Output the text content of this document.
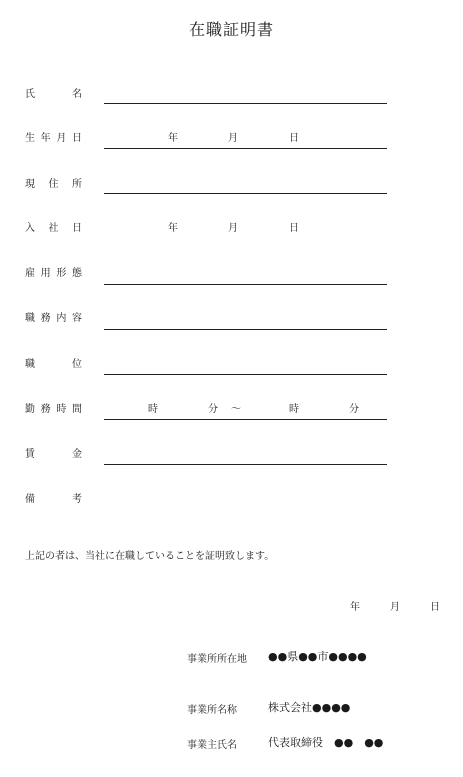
在職証明書
氏	名
生 年 月 日	年	月	日
現 住 所
入 社 日	年	月	日
雇 用 形 態
職 務 内 容
職	位
勤 務 時 間	時	分 ～	時	分
賃	金
備	考
上記の者は、当社に在職していることを証明致します。
年	月	日
事業所所在地 ●●県●●市●●●●
事業所名称	株式会社●●●●
事業主氏名	代表取締役　●●　●●
